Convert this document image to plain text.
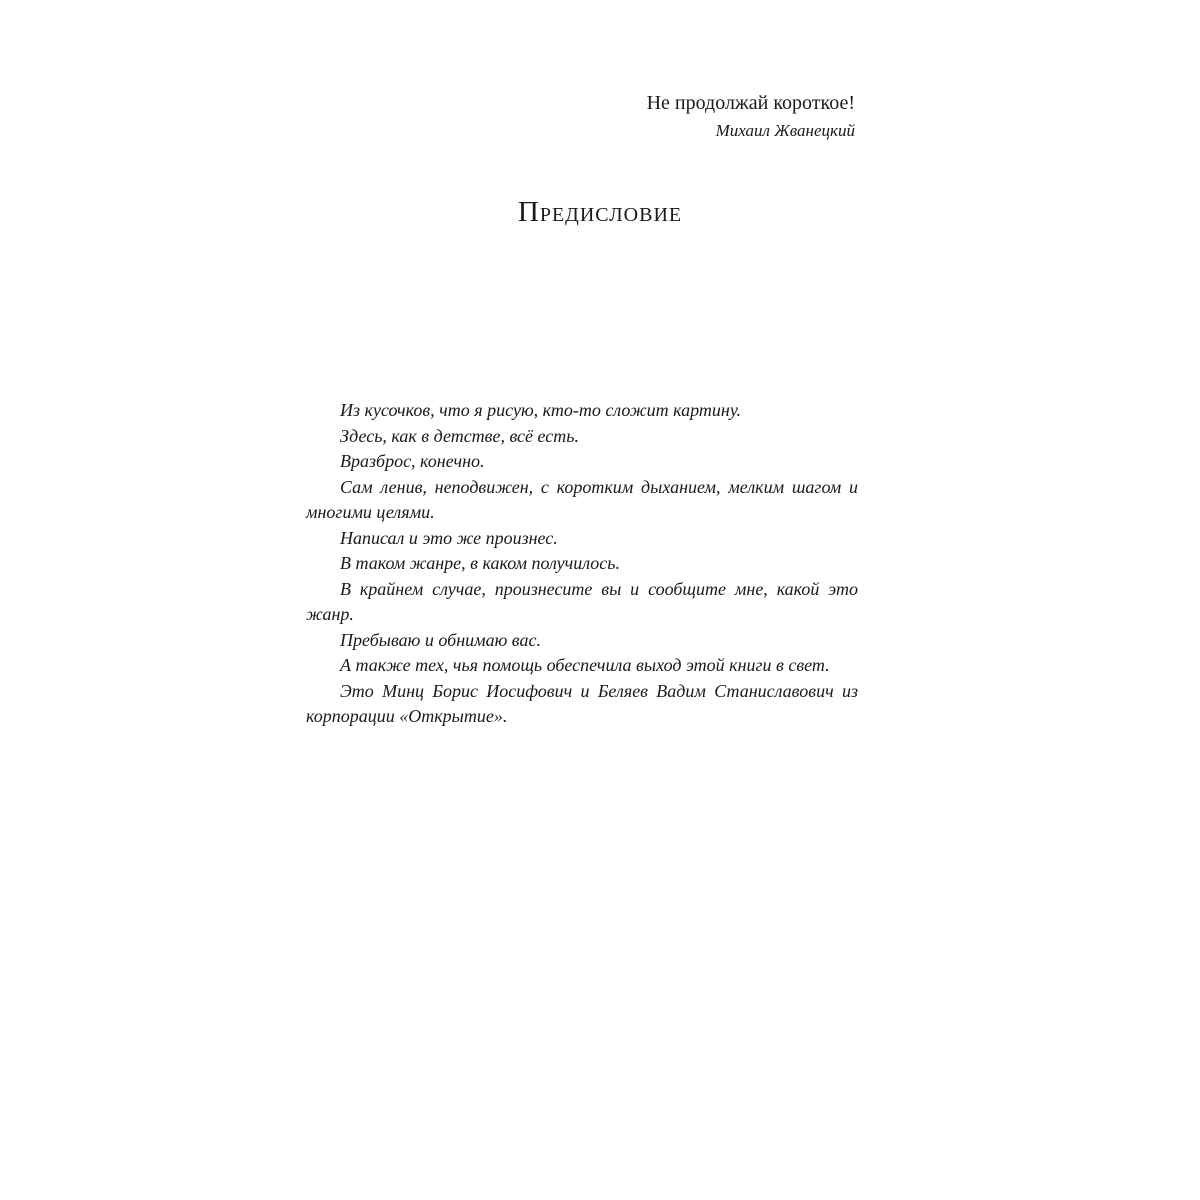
Не продолжай короткое!
Михаил Жванецкий
Предисловие

Из кусочков, что я рисую, кто-то сложит картину.

Здесь, как в детстве, всё есть.

Вразброс, конечно.

Сам ленив, неподвижен, с коротким дыханием, мелким шагом и многими целями.

Написал и это же произнес.

В таком жанре, в каком получилось.

В крайнем случае, произнесите вы и сообщите мне, какой это жанр.

Пребываю и обнимаю вас.

А также тех, чья помощь обеспечила выход этой книги в свет.

Это Минц Борис Иосифович и Беляев Вадим Станиславович из корпорации «Открытие».
